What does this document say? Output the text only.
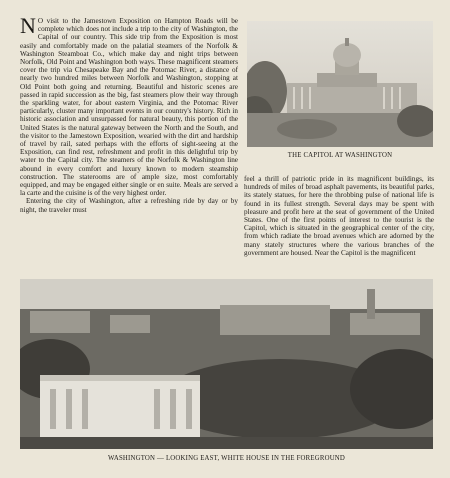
N O visit to the Jamestown Exposition on Hampton Roads will be complete which does not include a trip to the city of Washington, the Capital of our country. This side trip from the Exposition is most easily and comfortably made on the palatial steamers of the Norfolk & Washington Steamboat Co., which make day and night trips between Norfolk, Old Point and Washington both ways. These magnificent steamers cover the trip via Chesapeake Bay and the Potomac River, a distance of nearly two hundred miles between Norfolk and Washington, stopping at Old Point both going and returning. Beautiful and historic scenes are passed in rapid succession as the big, fast steamers plow their way through the sparkling water, for about eastern Virginia, and the Potomac River particularly, cluster many important events in our country's history. Rich in historic association and unsurpassed for natural beauty, this portion of the United States is the natural gateway between the North and the South, and the visitor to the Jamestown Exposition, wearied with the dirt and hardship of travel by rail, sated perhaps with the efforts of sight-seeing at the Exposition, can find rest, refreshment and profit in this delightful trip by water to the Capital city. The steamers of the Norfolk & Washington line abound in every comfort and luxury known to modern steamship construction. The staterooms are of ample size, most comfortably equipped, and may be engaged either single or en suite. Meals are served a la carte and the cuisine is of the very highest order.

Entering the city of Washington, after a refreshing ride by day or by night, the traveler must

THE CAPITOL AT WASHINGTON

feel a thrill of patriotic pride in its magnificent buildings, its hundreds of miles of broad asphalt pavements, its beautiful parks, its stately statues, for here the throbbing pulse of national life is found in its fullest strength. Several days may be spent with pleasure and profit here at the seat of government of the United States. One of the first points of interest to the tourist is the Capitol, which is situated in the geographical center of the city, from which radiate the broad avenues which are adorned by the many stately structures where the various branches of the government are housed. Near the Capitol is the magnificent

WASHINGTON — LOOKING EAST, WHITE HOUSE IN THE FOREGROUND
